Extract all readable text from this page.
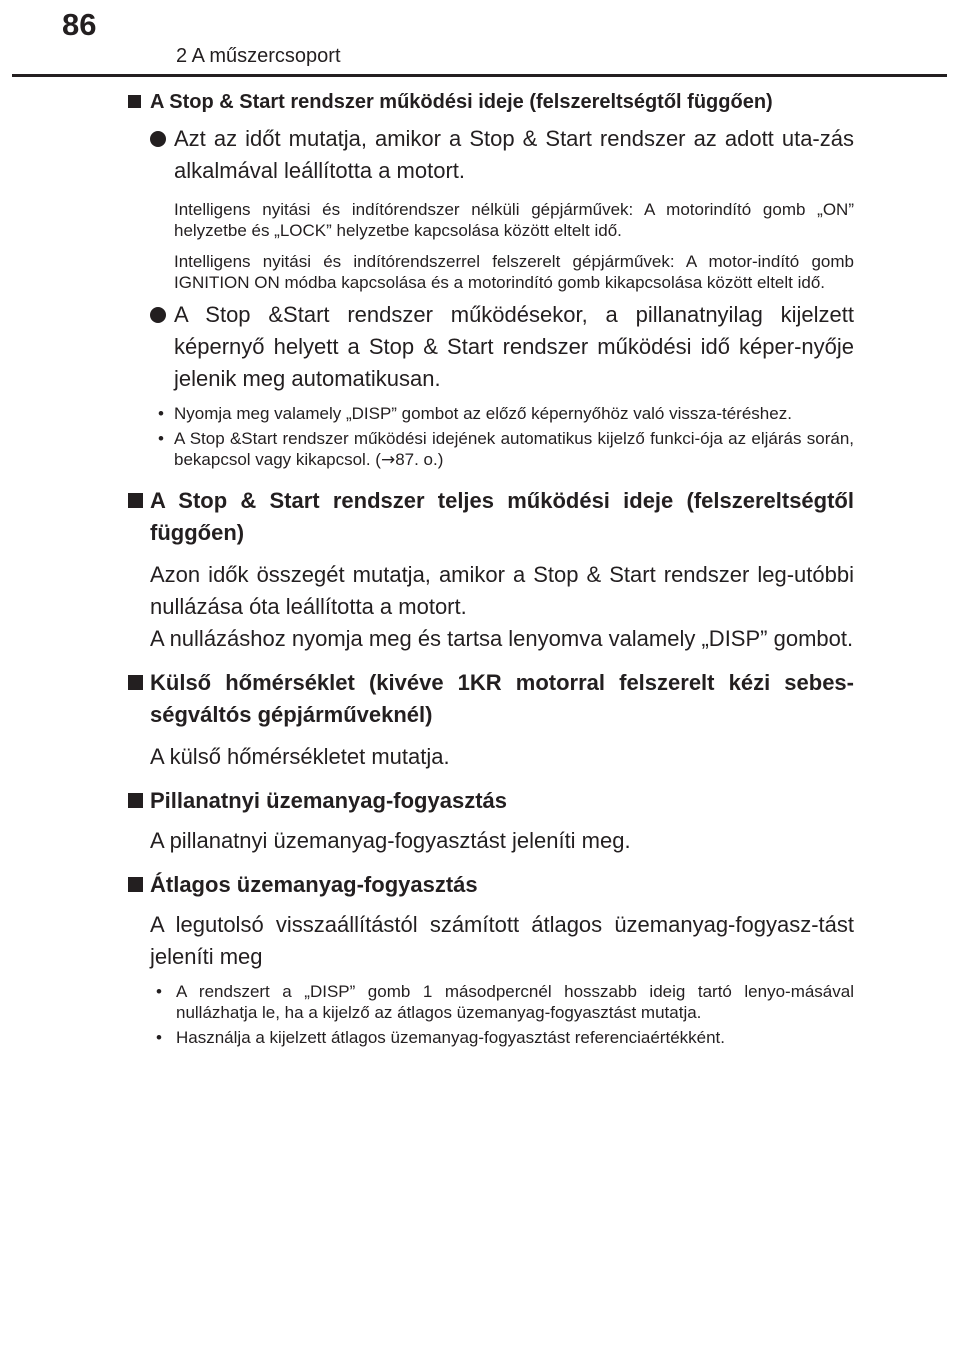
86
2 A műszercsoport
A Stop & Start rendszer működési ideje (felszereltségtől függően)
Azt az időt mutatja, amikor a Stop & Start rendszer az adott uta-zás alkalmával leállította a motort.
Intelligens nyitási és indítórendszer nélküli gépjárművek: A motorindító gomb „ON” helyzetbe és „LOCK” helyzetbe kapcsolása között eltelt idő.
Intelligens nyitási és indítórendszerrel felszerelt gépjárművek: A motor-indító gomb IGNITION ON módba kapcsolása és a motorindító gomb kikapcsolása között eltelt idő.
A Stop &Start rendszer működésekor, a pillanatnyilag kijelzett képernyő helyett a Stop & Start rendszer működési idő képer-nyője jelenik meg automatikusan.
• Nyomja meg valamely „DISP” gombot az előző képernyőhöz való vissza-téréshez.
• A Stop &Start rendszer működési idejének automatikus kijelző funkci-ója az eljárás során, bekapcsol vagy kikapcsol. (→87. o.)
A Stop & Start rendszer teljes működési ideje (felszereltségtől függően)
Azon idők összegét mutatja, amikor a Stop & Start rendszer leg-utóbbi nullázása óta leállította a motort.
A nullázáshoz nyomja meg és tartsa lenyomva valamely „DISP” gombot.
Külső hőmérséklet (kivéve 1KR motorral felszerelt kézi sebes-ségváltós gépjárműveknél)
A külső hőmérsékletet mutatja.
Pillanatnyi üzemanyag-fogyasztás
A pillanatnyi üzemanyag-fogyasztást jeleníti meg.
Átlagos üzemanyag-fogyasztás
A legutolsó visszaállítástól számított átlagos üzemanyag-fogyasz-tást jeleníti meg
• A rendszert a „DISP” gomb 1 másodpercnél hosszabb ideig tartó lenyo-másával nullázhatja le, ha a kijelző az átlagos üzemanyag-fogyasztást mutatja.
• Használja a kijelzett átlagos üzemanyag-fogyasztást referenciaértékként.
